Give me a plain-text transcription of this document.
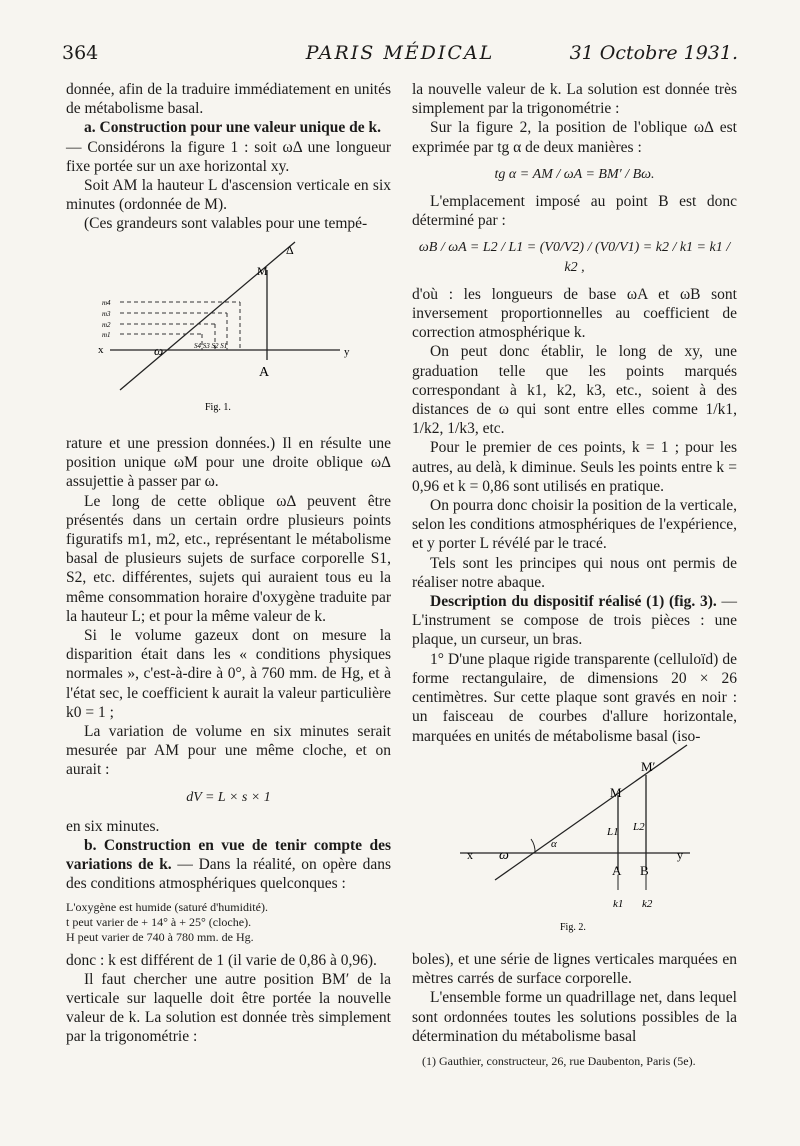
364	PARIS MÉDICAL	31 Octobre 1931.

donnée, afin de la traduire immédiatement en unités de métabolisme basal.

a. Construction pour une valeur unique de k.

— Considérons la figure 1 : soit ωΔ une longueur fixe portée sur un axe horizontal xy.

Soit AM la hauteur L d'ascension verticale en six minutes (ordonnée de M).

(Ces grandeurs sont valables pour une tempé-

x	ω	y
A
M
Δ
m4
m3
m2
m1
S4 S3 S2 S1
Fig. 1.

rature et une pression données.) Il en résulte une position unique ωM pour une droite oblique ωΔ assujettie à passer par ω.

Le long de cette oblique ωΔ peuvent être présentés dans un certain ordre plusieurs points figuratifs m1, m2, etc., représentant le métabolisme basal de plusieurs sujets de surface corporelle S1, S2, etc. différentes, sujets qui auraient tous eu la même consommation horaire d'oxygène traduite par la hauteur L; et pour la même valeur de k.

Si le volume gazeux dont on mesure la disparition était dans les « conditions physiques normales », c'est-à-dire à 0°, à 760 mm. de Hg, et à l'état sec, le coefficient k aurait la valeur particulière k0 = 1 ;

La variation de volume en six minutes serait mesurée par AM pour une même cloche, et on aurait :

dV = L × s × 1

en six minutes.

b. Construction en vue de tenir compte des variations de k. — Dans la réalité, on opère dans des conditions atmosphériques quelconques :

L'oxygène est humide (saturé d'humidité).

t peut varier de + 14° à + 25° (cloche).

H peut varier de 740 à 780 mm. de Hg.

donc : k est différent de 1 (il varie de 0,86 à 0,96).

Il faut chercher une autre position BM′ de la verticale sur laquelle doit être portée la nouvelle valeur de k. La solution est donnée très simplement par la trigonométrie :

la nouvelle valeur de k. La solution est donnée très simplement par la trigonométrie :

Sur la figure 2, la position de l'oblique ωΔ est exprimée par tg α de deux manières :

tg α = AM / ωA = BM′ / Bω.

L'emplacement imposé au point B est donc déterminé par :

ωB / ωA = L2 / L1 = (V0/V2) / (V0/V1) = k2 / k1 = k1 / k2 ,

d'où : les longueurs de base ωA et ωB sont inversement proportionnelles au coefficient de correction atmosphérique k.

On peut donc établir, le long de xy, une graduation telle que les points marqués correspondant à k1, k2, k3, etc., soient à des distances de ω qui sont entre elles comme 1/k1, 1/k2, 1/k3, etc.

Pour le premier de ces points, k = 1 ; pour les autres, au delà, k diminue. Seuls les points entre k = 0,96 et k = 0,86 sont utilisés en pratique.

On pourra donc choisir la position de la verticale, selon les conditions atmosphériques de l'expérience, et y porter L révélé par le tracé.

Tels sont les principes qui nous ont permis de réaliser notre abaque.

Description du dispositif réalisé (1) (fig. 3). — L'instrument se compose de trois pièces : une plaque, un curseur, un bras.

1° D'une plaque rigide transparente (celluloïd) de forme rectangulaire, de dimensions 20 × 26 centimètres. Sur cette plaque sont gravés en noir : un faisceau de courbes d'allure horizontale, marquées en unités de métabolisme basal (iso-

x ω
α
y
A B
M
M′
L1 L2
k1 k2
Fig. 2.

boles), et une série de lignes verticales marquées en mètres carrés de surface corporelle.

L'ensemble forme un quadrillage net, dans lequel sont ordonnées toutes les solutions possibles de la détermination du métabolisme basal

(1) Gauthier, constructeur, 26, rue Daubenton, Paris (5e).
